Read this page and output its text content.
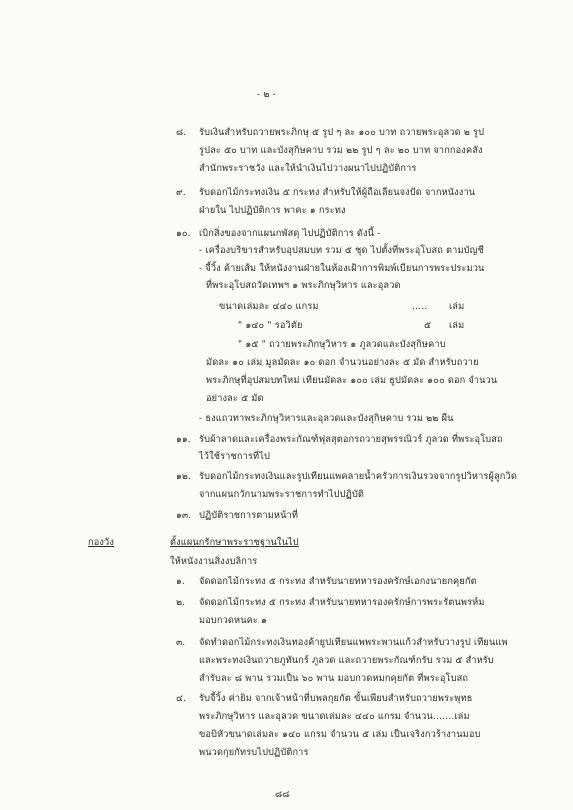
- ๒ -
๘. รับเงินสำหรับถวายพระภิกษุ ๕ รูป ๆ ละ ๑๐๐ บาท ถวายพระอุลวด ๒ รูป
รูปละ ๕๐ บาท และบังสุกิษคาบ รวม ๒๒ รูป ๆ ละ ๒๐ บาท จากกองคลัง
สำนักพระราชวัง และให้นำเงินไปวางผนาไปปฏิบัติการ
๙. รับดอกไม้กระทงเงิน ๕ กระทง สำหรับให้ผู้ถือเลียนจงปัด จากหนังงาน
ฝ่ายใน ไปปฏิบัติการ พาคะ ๑ กระทง
๑๐. เบิกสิ่งของจากแผนกพัสดุ ไปปฏิบัติการ ดังนี้ -
- เครื่องบริขารสำหรับอุปสมบท รวม ๕ ชุด ไปตั้งที่พระอุโบสถ ตามบัญชี
- จี้วิ้ง ค้ายเส้ม ให้หนังงานฝ่ายในห้องเฝ้าการพิมพ์เบียนการพระประมวน
ที่พระอุโบสถวัดเทพฯ ๑ พระภิกษุวิหาร และอุลวด
ขนาดเล่มละ ๔๔๐ แกรม	..... เล่ม
" ๑๔๐ " รอวิตัย	๕ เล่ม
" ๑๕ " ถวายพระภิกษุวิหาร ๑ ภูลวดและบังสุกิษคาบ
มัดละ ๑๐ เล่ม มูลมัดละ ๑๐ ดอก จำนวนอย่างละ ๕ มัด สำหรับถวาย
พระภิกษุที่อุปสมบทใหม่ เทียนมัดละ ๑๐๐ เล่ม ธูปมัดละ ๑๐๐ ดอก จำนวน
อย่างละ ๕ มัด
- ธงแถวทาพระภิกษุวิหารและอุลวดและบังสุกิษคาบ รวม ๒๒ ผืน
๑๑. รับผ้าลาดและเครื่องพระกัณฑ์ฟุลสุตอกรถวายสุพรรณิวร์ ภูลวด ที่พระอุโบสถ
ไว้ใช้ราชการที่ไป
๑๒. รับดอกไม้กระทงเงินและรูปเทียนแพคลายน้ำครัวการเงินรวจจากรูปวิหารผู้ลูกวิด
จากแผนกวักนามพระราชการทำไปปฏิบัติ
๑๓. ปฏิบัติราชการตามหน้าที่
กองวัง	ตั้งแผนกรักษาพระราชฐานในไป
ให้หนังงานสิ่งงบลิการ
๑. จัดดอกไม้กระทง ๕ กระทง สำหรับนายทหารองครักษ์เอกงนายกคุยกัต
๒. จัดดอกไม้กระทง ๕ กระทง สำหรับนายทหารองครักษ์การพระรัตนพรห์ม
มอบกวดหนคะ ๑
๓. จัดทำดอกไม้กระทงเงินทองค้ายูปเทียนแพพระพานแก้วสำหรับวางรูป เทียนแพ
และพระทงเงินถวายภูทันกร์ ภูลวด และถวายพระกัณฑ์กรับ รวม ๕ สำหรับ
สำรับละ ๘ พาน รวมเป็น ๖๐ พาน มอบกวดหมกคุยกัต ที่พระอุโบสถ
๔. รับจี้วิ้ง ค่ายิม จากเจ้าหน้าที่บพลกุยกัต ขั้นเพียบสำหรับถวายพระพุทธ
พระภิกษุวิหาร และอุลวด ขนาดเล่มละ ๔๔๐ แกรม จำนวน.......เล่ม
ขอบิหัวขนาดเล่มละ ๑๔๐ แกรม จำนวน ๕ เล่ม เป็นเจริงกวร้างานมอบ
พนวดกุยกัทรบไปปฏิบัติการ
๘๘
